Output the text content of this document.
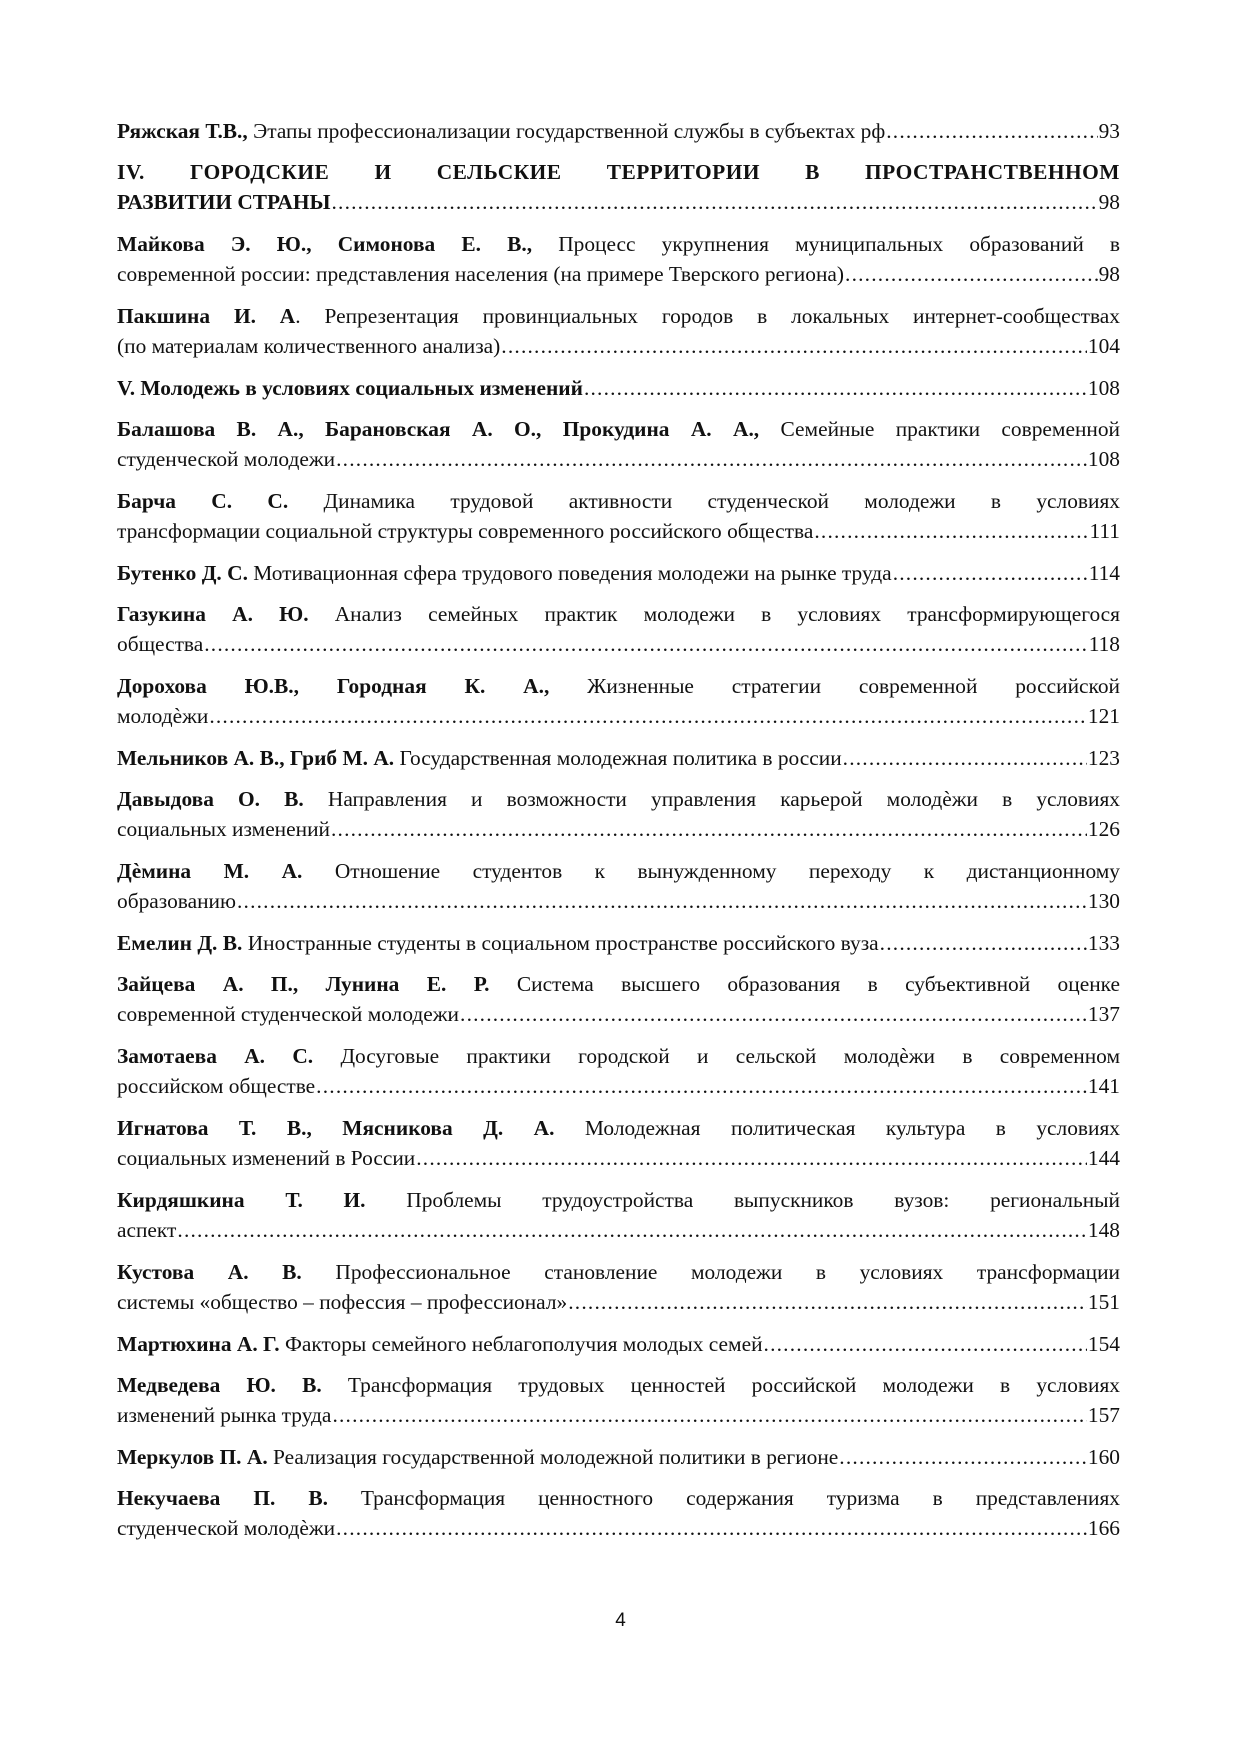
Ряжская Т.В., Этапы профессионализации государственной службы в субъектах рф .....	93
IV. ГОРОДСКИЕ И СЕЛЬСКИЕ ТЕРРИТОРИИ В ПРОСТРАНСТВЕННОМ
РАЗВИТИИ СТРАНЫ .....	98
Майкова Э. Ю., Симонова Е. В., Процесс укрупнения муниципальных образований в
современной россии: представления населения (на примере Тверского региона) .....	98
Пакшина И. А. Репрезентация провинциальных городов в локальных интернет-сообществах
(по материалам количественного анализа) .....	104
V. Молодежь в условиях социальных изменений .....	108
Балашова В. А., Барановская А. О., Прокудина А. А., Семейные практики современной
студенческой молодежи .....	108
Барча С. С. Динамика трудовой активности студенческой молодежи в условиях
трансформации социальной структуры современного российского общества .....	111
Бутенко Д. С. Мотивационная сфера трудового поведения молодежи на рынке труда .....	114
Газукина А. Ю. Анализ семейных практик молодежи в условиях трансформирующегося
общества .....	118
Дорохова Ю.В., Городная К. А., Жизненные стратегии современной российской
молодѐжи .....	121
Мельников А. В., Гриб М. А. Государственная молодежная политика в россии .....	123
Давыдова О. В. Направления и возможности управления карьерой молодѐжи в условиях
социальных изменений .....	126
Дѐмина М. А. Отношение студентов к вынужденному переходу к дистанционному
образованию .....	130
Емелин Д. В. Иностранные студенты в социальном пространстве российского вуза .....	133
Зайцева А. П., Лунина Е. Р. Система высшего образования в субъективной оценке
современной студенческой молодежи .....	137
Замотаева А. С. Досуговые практики городской и сельской молодѐжи в современном
российском обществе .....	141
Игнатова Т. В., Мясникова Д. А. Молодежная политическая культура в условиях
социальных изменений в России .....	144
Кирдяшкина Т. И. Проблемы трудоустройства выпускников вузов: региональный
аспект .....	148
Кустова А. В. Профессиональное становление молодежи в условиях трансформации
системы «общество – пофессия – профессионал» .....	151
Мартюхина А. Г. Факторы семейного неблагополучия молодых семей .....	154
Медведева Ю. В. Трансформация трудовых ценностей российской молодежи в условиях
изменений рынка труда .....	157
Меркулов П. А. Реализация государственной молодежной политики в регионе .....	160
Некучаева П. В. Трансформация ценностного содержания туризма в представлениях
студенческой молодѐжи .....	166
4
